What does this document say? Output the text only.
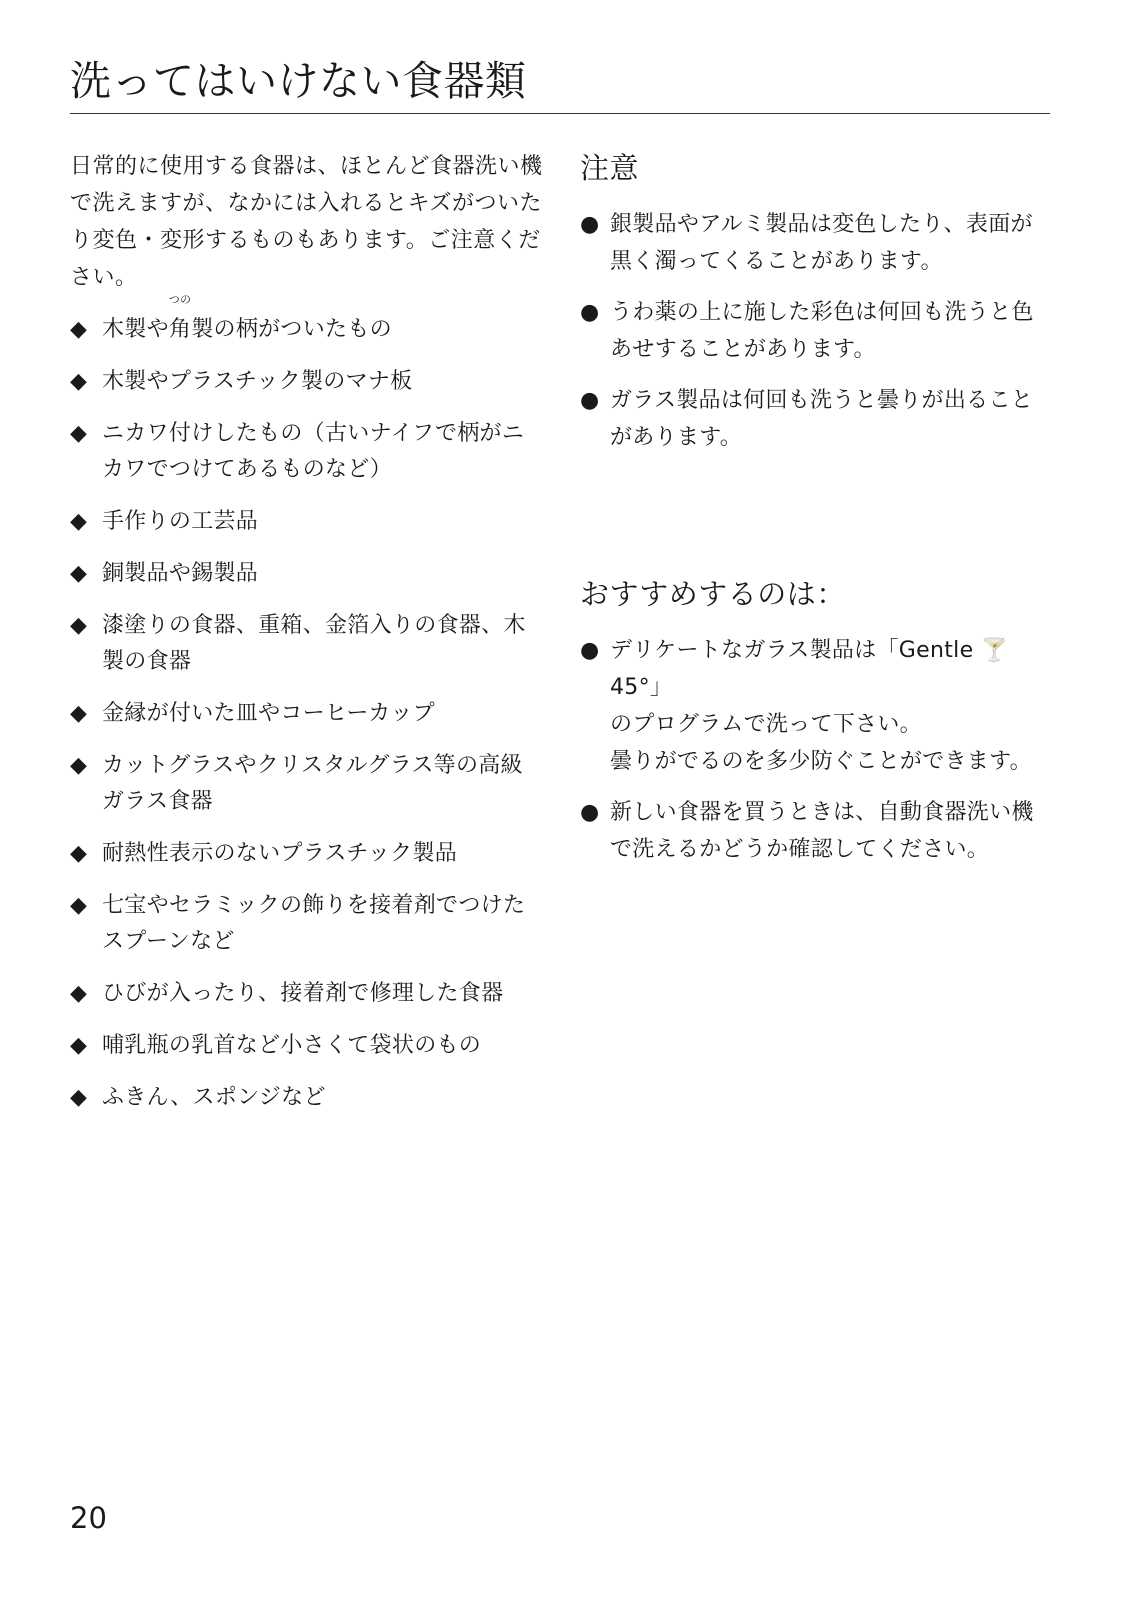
洗ってはいけない食器類

日常的に使用する食器は、ほとんど食器洗い機で洗えますが、なかには入れるとキズがついたり変色・変形するものもあります。ご注意ください。

◆ 木製や
つの
角製の柄がついたもの
◆ 木製やプラスチック製のマナ板
◆ ニカワ付けしたもの（古いナイフで柄がニカワでつけてあるものなど）
◆ 手作りの工芸品
◆ 銅製品や錫製品
◆ 漆塗りの食器、重箱、金箔入りの食器、木製の食器
◆ 金縁が付いた皿やコーヒーカップ
◆ カットグラスやクリスタルグラス等の高級ガラス食器
◆ 耐熱性表示のないプラスチック製品
◆ 七宝やセラミックの飾りを接着剤でつけたスプーンなど
◆ ひびが入ったり、接着剤で修理した食器
◆ 哺乳瓶の乳首など小さくて袋状のもの
◆ ふきん、スポンジなど
注意
● 銀製品やアルミ製品は変色したり、表面が黒く濁ってくることがあります。
● うわ薬の上に施した彩色は何回も洗うと色あせすることがあります。
● ガラス製品は何回も洗うと曇りが出ることがあります。
おすすめするのは：
● デリケートなガラス製品は「Gentle 🍸 45°」
のプログラムで洗って下さい。
曇りがでるのを多少防ぐことができます。
● 新しい食器を買うときは、自動食器洗い機で洗えるかどうか確認してください。
20
